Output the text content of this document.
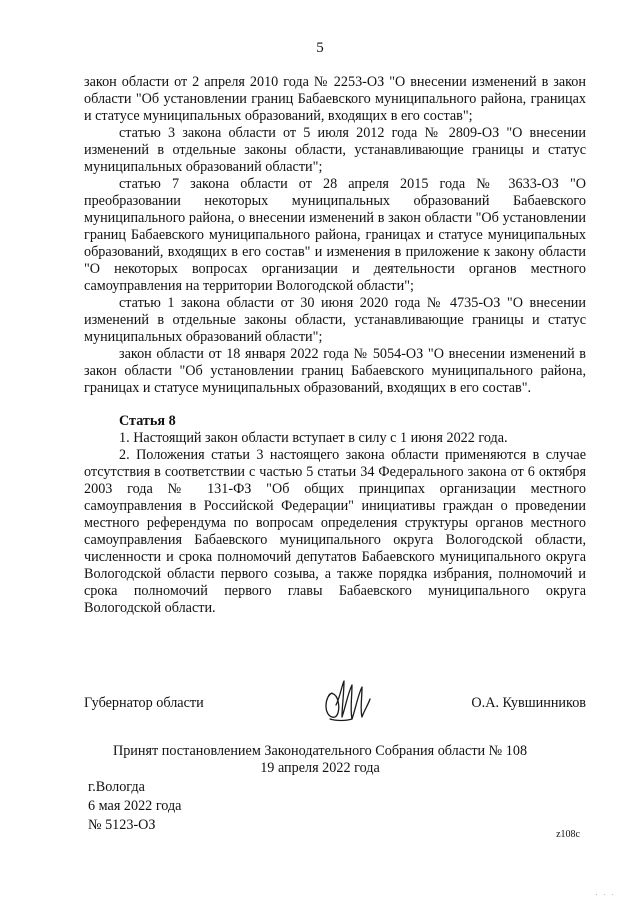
5

закон области от 2 апреля 2010 года № 2253-ОЗ "О внесении изменений в закон области "Об установлении границ Бабаевского муниципального района, границах и статусе муниципальных образований, входящих в его состав";

статью 3 закона области от 5 июля 2012 года № 2809-ОЗ "О внесении изменений в отдельные законы области, устанавливающие границы и статус муниципальных образований области";

статью 7 закона области от 28 апреля 2015 года № 3633-ОЗ "О преобразовании некоторых муниципальных образований Бабаевского муниципального района, о внесении изменений в закон области "Об установлении границ Бабаевского муниципального района, границах и статусе муниципальных образований, входящих в его состав" и изменения в приложение к закону области "О некоторых вопросах организации и деятельности органов местного самоуправления на территории Вологодской области";

статью 1 закона области от 30 июня 2020 года № 4735-ОЗ "О внесении изменений в отдельные законы области, устанавливающие границы и статус муниципальных образований области";

закон области от 18 января 2022 года № 5054-ОЗ "О внесении изменений в закон области "Об установлении границ Бабаевского муниципального района, границах и статусе муниципальных образований, входящих в его состав".

Статья 8

1. Настоящий закон области вступает в силу с 1 июня 2022 года.

2. Положения статьи 3 настоящего закона области применяются в случае отсутствия в соответствии с частью 5 статьи 34 Федерального закона от 6 октября 2003 года № 131-ФЗ "Об общих принципах организации местного самоуправления в Российской Федерации" инициативы граждан о проведении местного референдума по вопросам определения структуры органов местного самоуправления Бабаевского муниципального округа Вологодской области, численности и срока полномочий депутатов Бабаевского муниципального округа Вологодской области первого созыва, а также порядка избрания, полномочий и срока полномочий первого главы Бабаевского муниципального округа Вологодской области.

Губернатор области	О.А. Кувшинников
Принят постановлением Законодательного Собрания области № 108
19 апреля 2022 года
г.Вологда
6 мая 2022 года
№ 5123-ОЗ
z108c
· · ·
